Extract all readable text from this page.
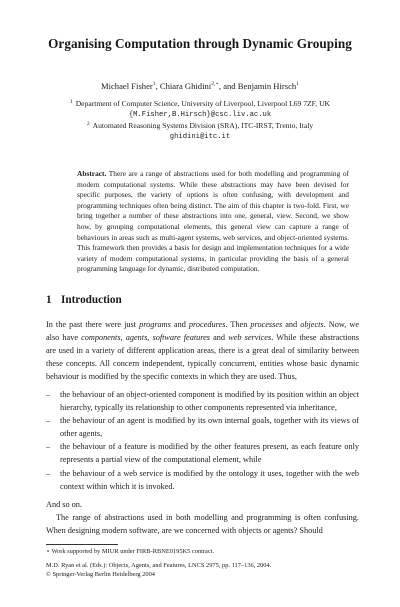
Organising Computation through Dynamic Grouping
Michael Fisher$^1$, Chiara Ghidini$^{2,⋆}$, and Benjamin Hirsch$^1$
$^1$ Department of Computer Science, University of Liverpool, Liverpool L69 7ZF, UK
{M.Fisher,B.Hirsch}@csc.liv.ac.uk
$^2$ Automated Reasoning Systems Division (SRA), ITC-IRST, Trento, Italy
ghidini@itc.it

Abstract. There are a range of abstractions used for both modelling and programming of modern computational systems. While these abstractions may have been devised for specific purposes, the variety of options is often confusing, with development and programming techniques often being distinct. The aim of this chapter is two-fold. First, we bring together a number of these abstractions into one, general, view. Second, we show how, by grouping computational elements, this general view can capture a range of behaviours in areas such as multi-agent systems, web services, and object-oriented systems. This framework then provides a basis for design and implementation techniques for a wide variety of modern computational systems, in particular providing the basis of a general programming language for dynamic, distributed computation.

1 Introduction

In the past there were just programs and procedures. Then processes and objects. Now, we also have components, agents, software features and web services. While these abstractions are used in a variety of different application areas, there is a great deal of similarity between these concepts. All concern independent, typically concurrent, entities whose basic dynamic behaviour is modified by the specific contexts in which they are used. Thus,

– the behaviour of an object-oriented component is modified by its position within an object hierarchy, typically its relationship to other components represented via inheritance,
– the behaviour of an agent is modified by its own internal goals, together with its views of other agents,
– the behaviour of a feature is modified by the other features present, as each feature only represents a partial view of the computational element, while
– the behaviour of a web service is modified by the ontology it uses, together with the web context within which it is invoked.

And so on.

The range of abstractions used in both modelling and programming is often confusing. When designing modern software, are we concerned with objects or agents? Should

⋆ Work supported by MIUR under FIRB-RBNE0195K5 contract.
M.D. Ryan et al. (Eds.): Objects, Agents, and Features, LNCS 2975, pp. 117–136, 2004.
© Springer-Verlag Berlin Heidelberg 2004
